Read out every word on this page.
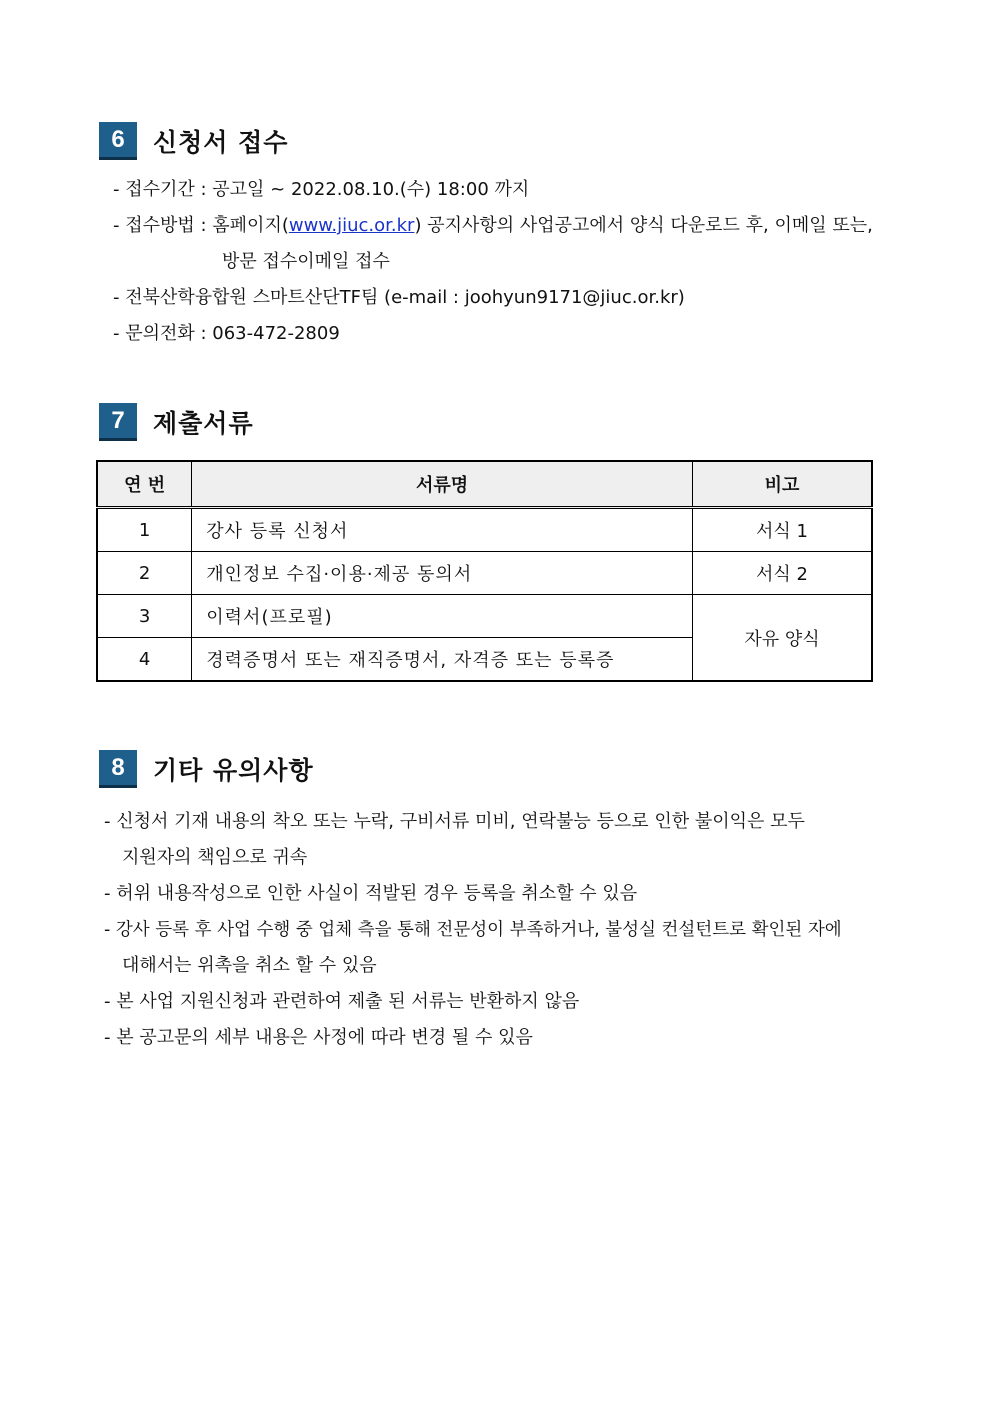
6	신청서 접수
- 접수기간 : 공고일 ~ 2022.08.10.(수) 18:00 까지
- 접수방법 : 홈페이지(www.jiuc.or.kr) 공지사항의 사업공고에서 양식 다운로드 후, 이메일 또는,
방문 접수이메일 접수
- 전북산학융합원 스마트산단TF팀 (e-mail : joohyun9171@jiuc.or.kr)
- 문의전화 : 063-472-2809
7	제출서류
연 번	서류명	비고
1	강사 등록 신청서	서식 1
2	개인정보 수집·이용·제공 동의서	서식 2
3	이력서(프로필)	자유 양식
4	경력증명서 또는 재직증명서, 자격증 또는 등록증	
8	기타 유의사항
- 신청서 기재 내용의 착오 또는 누락, 구비서류 미비, 연락불능 등으로 인한 불이익은 모두
지원자의 책임으로 귀속
- 허위 내용작성으로 인한 사실이 적발된 경우 등록을 취소할 수 있음
- 강사 등록 후 사업 수행 중 업체 측을 통해 전문성이 부족하거나, 불성실 컨설턴트로 확인된 자에
대해서는 위촉을 취소 할 수 있음
- 본 사업 지원신청과 관련하여 제출 된 서류는 반환하지 않음
- 본 공고문의 세부 내용은 사정에 따라 변경 될 수 있음
